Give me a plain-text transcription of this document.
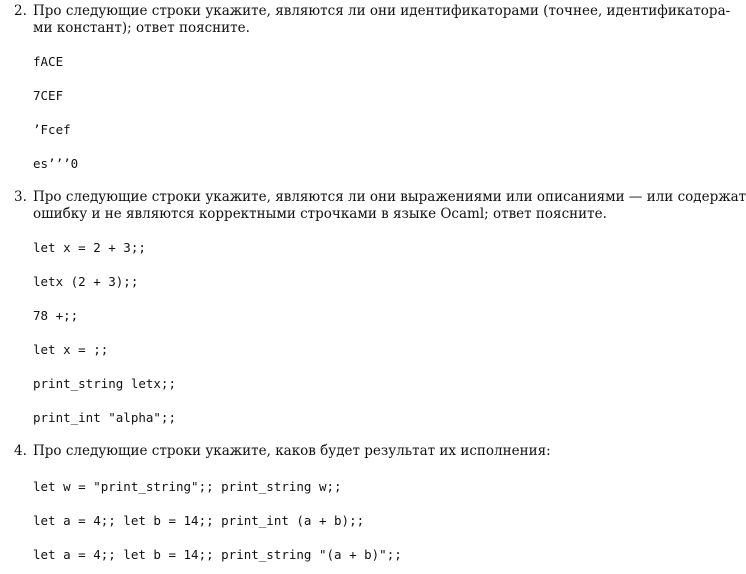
2. Про следующие строки укажите, являются ли они идентификаторами (точнее, идентификатора-
ми констант); ответ поясните.
fACE
7CEF
’Fcef
es’’’0
3. Про следующие строки укажите, являются ли они выражениями или описаниями — или содержат
ошибку и не являются корректными строчками в языке Ocaml; ответ поясните.
let x = 2 + 3;;
letx (2 + 3);;
78 +;;
let x = ;;
print_string letx;;
print_int "alpha";;
4. Про следующие строки укажите, каков будет результат их исполнения:
let w = "print_string";; print_string w;;
let a = 4;; let b = 14;; print_int (a + b);;
let a = 4;; let b = 14;; print_string "(a + b)";;
